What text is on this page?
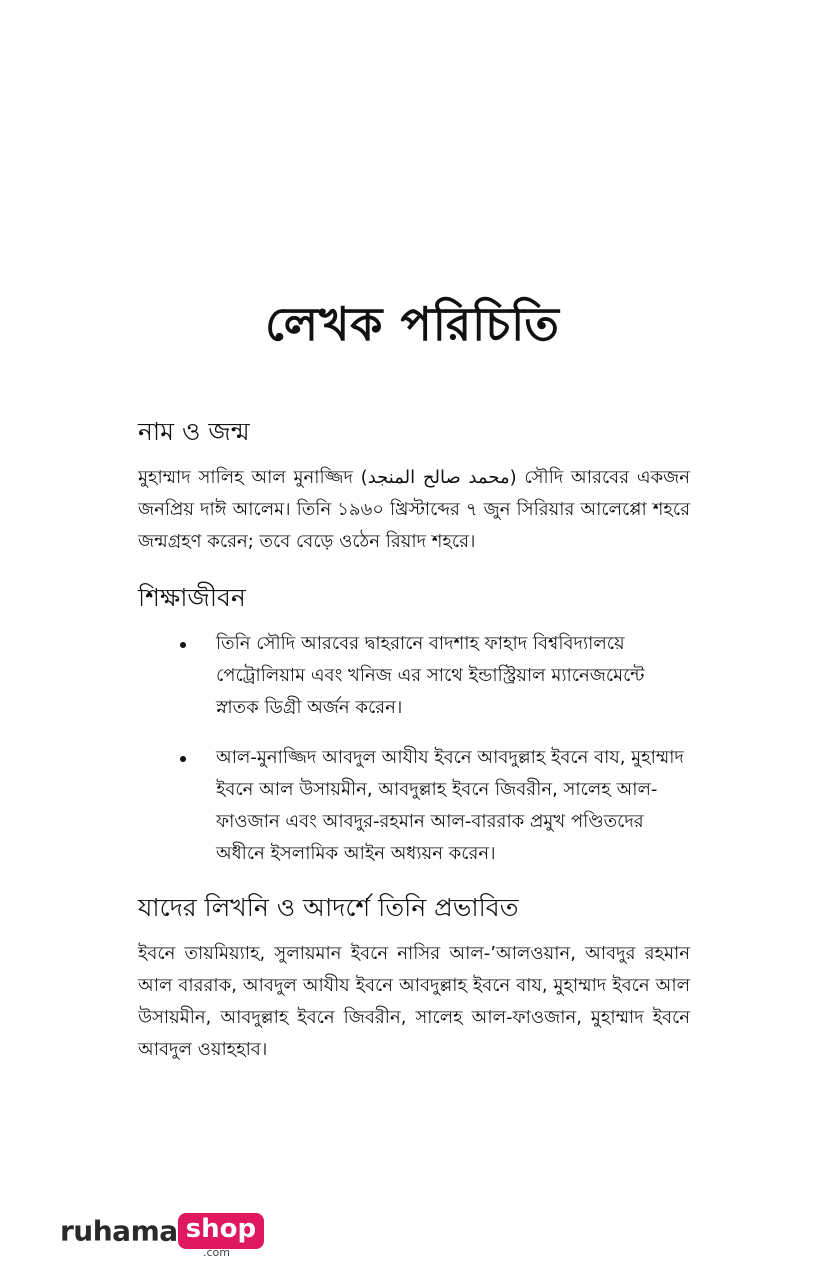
লেখক পরিচিতি
নাম ও জন্ম

মুহাম্মাদ সালিহ আল মুনাজ্জিদ (محمد صالح المنجد) সৌদি আরবের একজন জনপ্রিয় দাঈ আলেম। তিনি ১৯৬০ খ্রিস্টাব্দের ৭ জুন সিরিয়ার আলেপ্পো শহরে জন্মগ্রহণ করেন; তবে বেড়ে ওঠেন রিয়াদ শহরে।

শিক্ষাজীবন
তিনি সৌদি আরবের দ্বাহরানে বাদশাহ ফাহাদ বিশ্ববিদ্যালয়ে পেট্রোলিয়াম এবং খনিজ এর সাথে ইন্ডাস্ট্রিয়াল ম্যানেজমেন্টে স্নাতক ডিগ্রী অর্জন করেন।
আল-মুনাজ্জিদ আবদুল আযীয ইবনে আবদুল্লাহ ইবনে বায, মুহাম্মাদ ইবনে আল উসায়মীন, আবদুল্লাহ ইবনে জিবরীন, সালেহ আল-ফাওজান এবং আবদুর-রহমান আল-বাররাক প্রমুখ পণ্ডিতদের অধীনে ইসলামিক আইন অধ্যয়ন করেন।
যাদের লিখনি ও আদর্শে তিনি প্রভাবিত

ইবনে তায়মিয়্যাহ, সুলায়মান ইবনে নাসির আল-’আলওয়ান, আবদুর রহমান আল বাররাক, আবদুল আযীয ইবনে আবদুল্লাহ ইবনে বায, মুহাম্মাদ ইবনে আল উসায়মীন, আবদুল্লাহ ইবনে জিবরীন, সালেহ আল-ফাওজান, মুহাম্মাদ ইবনে আবদুল ওয়াহহাব।

ruhama shop
.com
